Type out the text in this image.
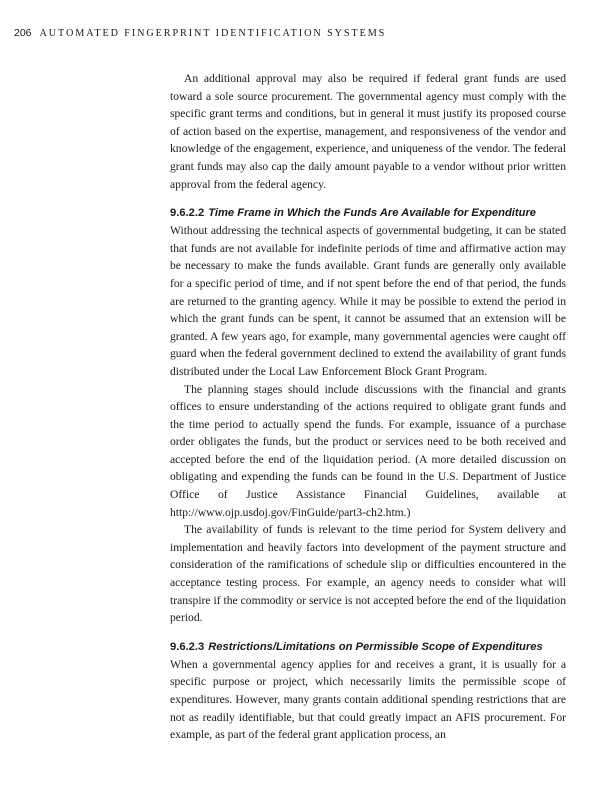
206 AUTOMATED FINGERPRINT IDENTIFICATION SYSTEMS

An additional approval may also be required if federal grant funds are used toward a sole source procurement. The governmental agency must comply with the specific grant terms and conditions, but in general it must justify its proposed course of action based on the expertise, management, and responsiveness of the vendor and knowledge of the engagement, experience, and uniqueness of the vendor. The federal grant funds may also cap the daily amount payable to a vendor without prior written approval from the federal agency.

9.6.2.2 Time Frame in Which the Funds Are Available for Expenditure

Without addressing the technical aspects of governmental budgeting, it can be stated that funds are not available for indefinite periods of time and affirmative action may be necessary to make the funds available. Grant funds are generally only available for a specific period of time, and if not spent before the end of that period, the funds are returned to the granting agency. While it may be possible to extend the period in which the grant funds can be spent, it cannot be assumed that an extension will be granted. A few years ago, for example, many governmental agencies were caught off guard when the federal government declined to extend the availability of grant funds distributed under the Local Law Enforcement Block Grant Program.

The planning stages should include discussions with the financial and grants offices to ensure understanding of the actions required to obligate grant funds and the time period to actually spend the funds. For example, issuance of a purchase order obligates the funds, but the product or services need to be both received and accepted before the end of the liquidation period. (A more detailed discussion on obligating and expending the funds can be found in the U.S. Department of Justice Office of Justice Assistance Financial Guidelines, available at http://www.ojp.usdoj.gov/FinGuide/part3-ch2.htm.)

The availability of funds is relevant to the time period for System delivery and implementation and heavily factors into development of the payment structure and consideration of the ramifications of schedule slip or difficulties encountered in the acceptance testing process. For example, an agency needs to consider what will transpire if the commodity or service is not accepted before the end of the liquidation period.

9.6.2.3 Restrictions/Limitations on Permissible Scope of Expenditures

When a governmental agency applies for and receives a grant, it is usually for a specific purpose or project, which necessarily limits the permissible scope of expenditures. However, many grants contain additional spending restrictions that are not as readily identifiable, but that could greatly impact an AFIS procurement. For example, as part of the federal grant application process, an
